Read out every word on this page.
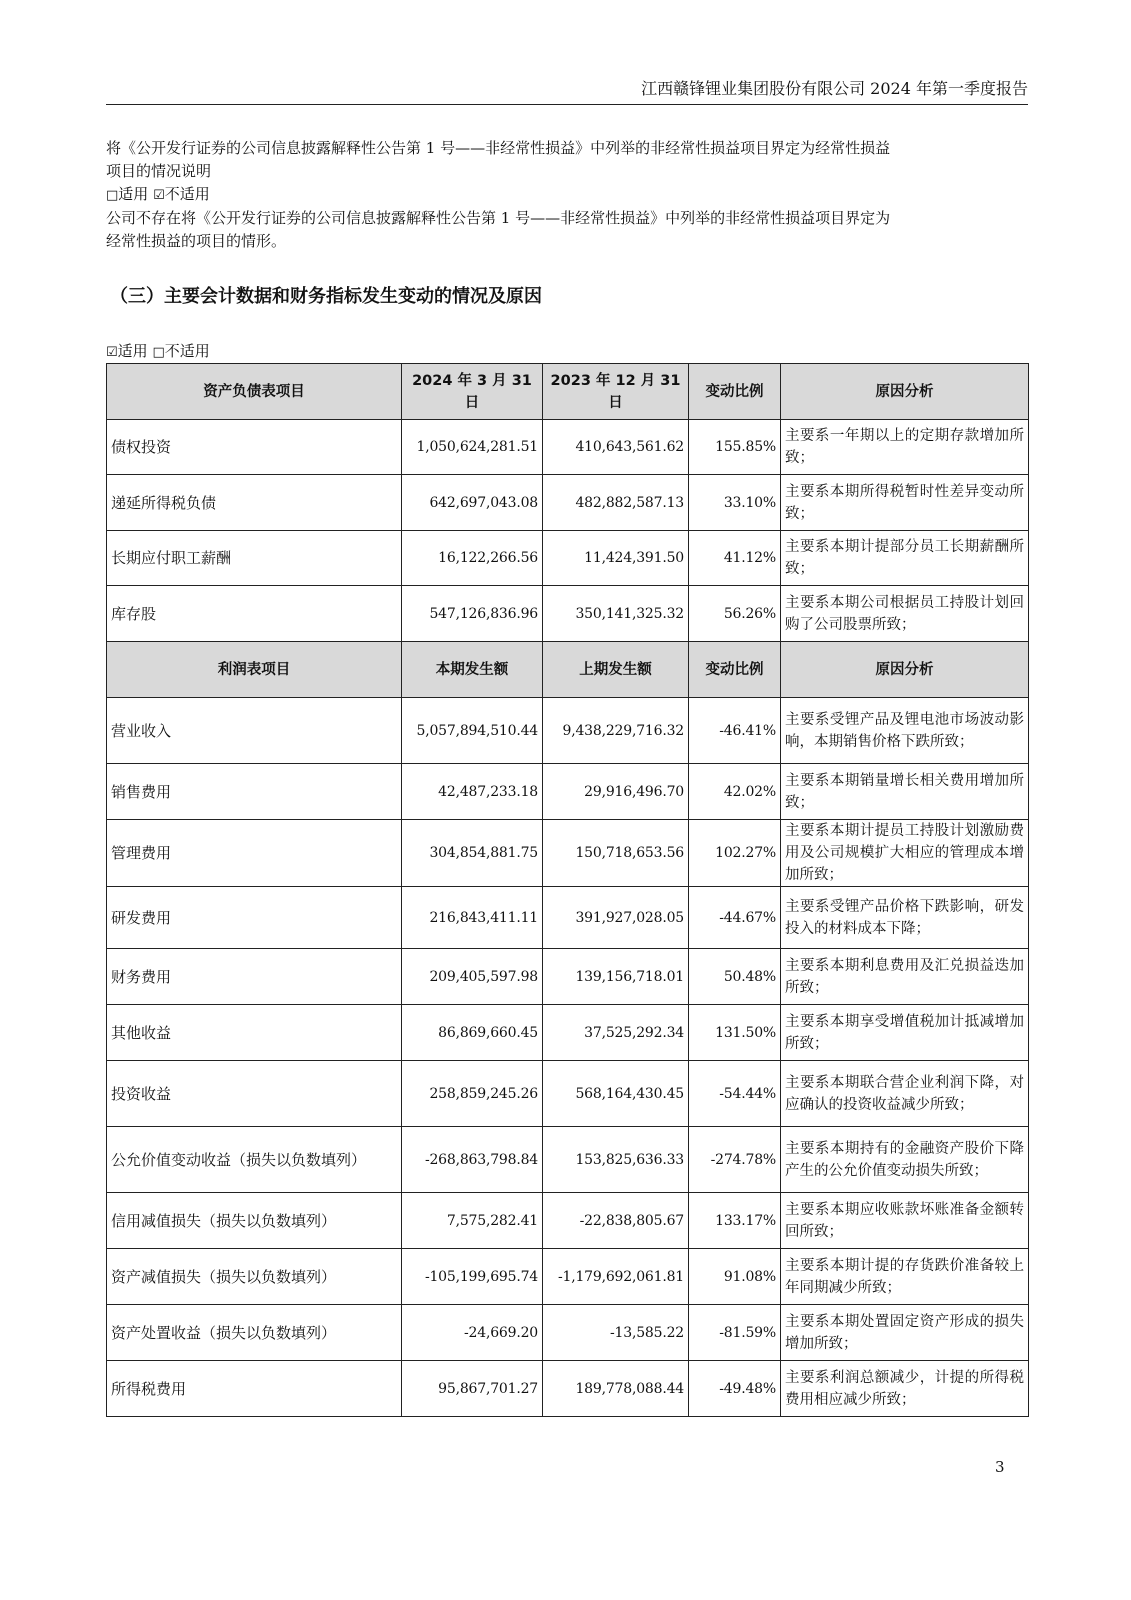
江西赣锋锂业集团股份有限公司 2024 年第一季度报告

将《公开发行证券的公司信息披露解释性公告第 1 号——非经常性损益》中列举的非经常性损益项目界定为经常性损益

项目的情况说明

□适用 ☑不适用

公司不存在将《公开发行证券的公司信息披露解释性公告第 1 号——非经常性损益》中列举的非经常性损益项目界定为

经常性损益的项目的情形。

（三）主要会计数据和财务指标发生变动的情况及原因
☑适用 □不适用
资产负债表项目	2024 年 3 月 31 日	2023 年 12 月 31 日	变动比例	原因分析
债权投资	1,050,624,281.51	410,643,561.62	155.85%	主要系一年期以上的定期存款增加所致；
递延所得税负债	642,697,043.08	482,882,587.13	33.10%	主要系本期所得税暂时性差异变动所致；
长期应付职工薪酬	16,122,266.56	11,424,391.50	41.12%	主要系本期计提部分员工长期薪酬所致；
库存股	547,126,836.96	350,141,325.32	56.26%	主要系本期公司根据员工持股计划回购了公司股票所致；
利润表项目	本期发生额	上期发生额	变动比例	原因分析
营业收入	5,057,894,510.44	9,438,229,716.32	-46.41%	主要系受锂产品及锂电池市场波动影响，本期销售价格下跌所致；
销售费用	42,487,233.18	29,916,496.70	42.02%	主要系本期销量增长相关费用增加所致；
管理费用	304,854,881.75	150,718,653.56	102.27%	主要系本期计提员工持股计划激励费用及公司规模扩大相应的管理成本增加所致；
研发费用	216,843,411.11	391,927,028.05	-44.67%	主要系受锂产品价格下跌影响，研发投入的材料成本下降；
财务费用	209,405,597.98	139,156,718.01	50.48%	主要系本期利息费用及汇兑损益迭加所致；
其他收益	86,869,660.45	37,525,292.34	131.50%	主要系本期享受增值税加计抵减增加所致；
投资收益	258,859,245.26	568,164,430.45	-54.44%	主要系本期联合营企业利润下降，对应确认的投资收益减少所致；
公允价值变动收益（损失以负数填列）	-268,863,798.84	153,825,636.33	-274.78%	主要系本期持有的金融资产股价下降产生的公允价值变动损失所致；
信用减值损失（损失以负数填列）	7,575,282.41	-22,838,805.67	133.17%	主要系本期应收账款坏账准备金额转回所致；
资产减值损失（损失以负数填列）	-105,199,695.74	-1,179,692,061.81	91.08%	主要系本期计提的存货跌价准备较上年同期减少所致；
资产处置收益（损失以负数填列）	-24,669.20	-13,585.22	-81.59%	主要系本期处置固定资产形成的损失增加所致；
所得税费用	95,867,701.27	189,778,088.44	-49.48%	主要系利润总额减少，计提的所得税费用相应减少所致；
3
